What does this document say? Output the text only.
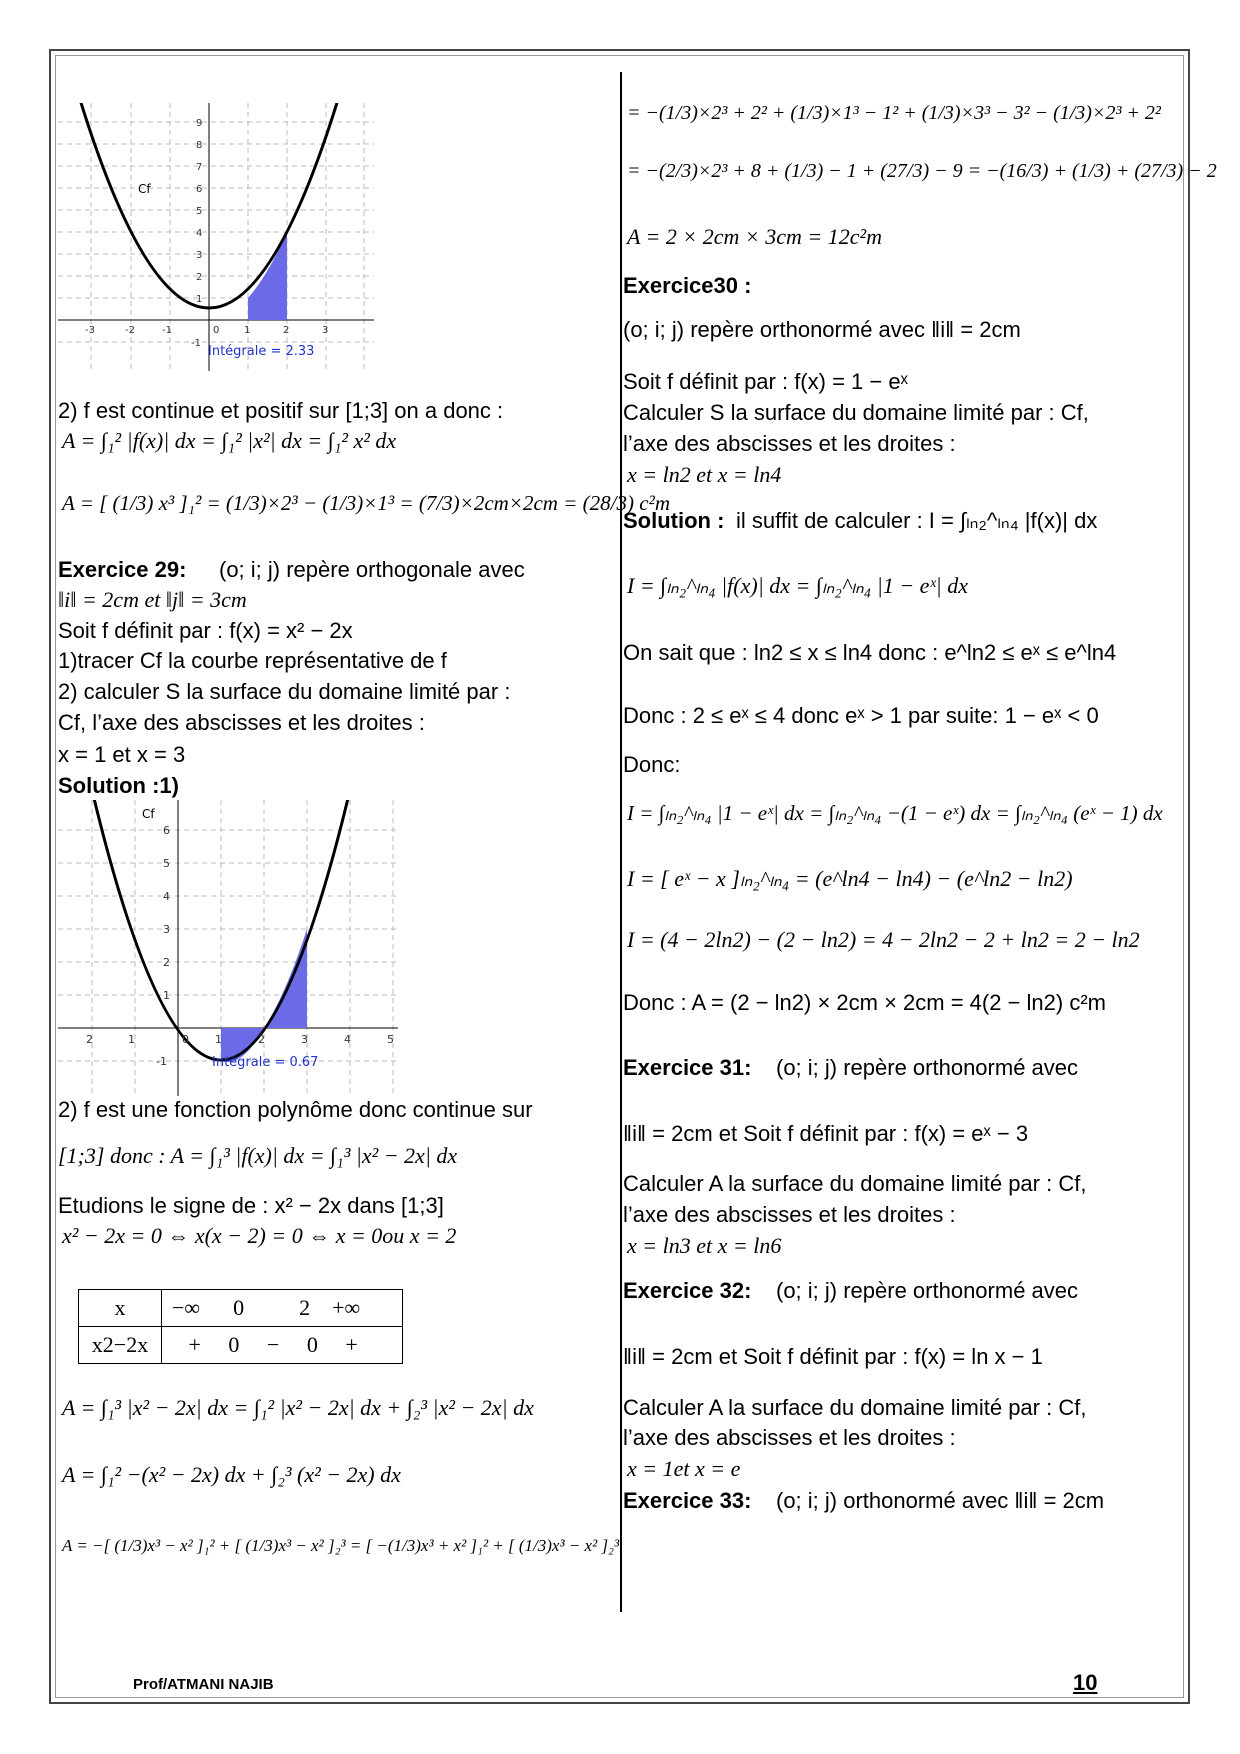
Cf
Intégrale = 2.33
-3	-2	-1	0 1	2	3
9
8
7
6
5
4
3
2
1
-1
2) f est continue et positif sur [1;3] on a donc :
A = ∫₁² |f(x)| dx = ∫₁² |x²| dx = ∫₁² x² dx
A = [ (1/3) x³ ]₁² = (1/3)×2³ − (1/3)×1³ = (7/3)×2cm×2cm = (28/3) c²m
Exercice 29: (o; i; j) repère orthogonale avec
‖i‖ = 2cm et ‖j‖ = 3cm
Soit f définit par : f(x) = x² − 2x
1)tracer Cf la courbe représentative de f
2) calculer S la surface du domaine limité par :
Cf, l’axe des abscisses et les droites :
x = 1 et x = 3
Solution :1)
Cf
Intégrale = 0.67
2	1	0 1	2	3	4	5
6
5
4
3
2
1
-1
2) f est une fonction polynôme donc continue sur
[1;3] donc : A = ∫₁³ |f(x)| dx = ∫₁³ |x² − 2x| dx
Etudions le signe de : x² − 2x dans [1;3]
x² − 2x = 0 ⇔ x(x − 2) = 0 ⇔ x = 0ou x = 2
x	−∞ 0 2 +∞
x2−2x	+ 0 − 0 +
A = ∫₁³ |x² − 2x| dx = ∫₁² |x² − 2x| dx + ∫₂³ |x² − 2x| dx
A = ∫₁² −(x² − 2x) dx + ∫₂³ (x² − 2x) dx
A = −[ (1/3)x³ − x² ]₁² + [ (1/3)x³ − x² ]₂³ = [ −(1/3)x³ + x² ]₁² + [ (1/3)x³ − x² ]₂³
= −(1/3)×2³ + 2² + (1/3)×1³ − 1² + (1/3)×3³ − 3² − (1/3)×2³ + 2²
= −(2/3)×2³ + 8 + (1/3) − 1 + (27/3) − 9 = −(16/3) + (1/3) + (27/3) − 2
A = 2 × 2cm × 3cm = 12c²m
Exercice30 :
(o; i; j) repère orthonormé avec ‖i‖ = 2cm
Soit f définit par : f(x) = 1 − eˣ
Calculer S la surface du domaine limité par : Cf,
l’axe des abscisses et les droites :
x = ln2 et x = ln4
Solution : il suffit de calculer : I = ∫ₗₙ₂^ₗₙ₄ |f(x)| dx
I = ∫ₗₙ₂^ₗₙ₄ |f(x)| dx = ∫ₗₙ₂^ₗₙ₄ |1 − eˣ| dx
On sait que : ln2 ≤ x ≤ ln4 donc : e^ln2 ≤ eˣ ≤ e^ln4
Donc : 2 ≤ eˣ ≤ 4 donc eˣ > 1 par suite: 1 − eˣ < 0
Donc:
I = ∫ₗₙ₂^ₗₙ₄ |1 − eˣ| dx = ∫ₗₙ₂^ₗₙ₄ −(1 − eˣ) dx = ∫ₗₙ₂^ₗₙ₄ (eˣ − 1) dx
I = [ eˣ − x ]ₗₙ₂^ₗₙ₄ = (e^ln4 − ln4) − (e^ln2 − ln2)
I = (4 − 2ln2) − (2 − ln2) = 4 − 2ln2 − 2 + ln2 = 2 − ln2
Donc : A = (2 − ln2) × 2cm × 2cm = 4(2 − ln2) c²m
Exercice 31: (o; i; j) repère orthonormé avec
‖i‖ = 2cm et Soit f définit par : f(x) = eˣ − 3
Calculer A la surface du domaine limité par : Cf,
l’axe des abscisses et les droites :
x = ln3 et x = ln6
Exercice 32: (o; i; j) repère orthonormé avec
‖i‖ = 2cm et Soit f définit par : f(x) = ln x − 1
Calculer A la surface du domaine limité par : Cf,
l’axe des abscisses et les droites :
x = 1et x = e
Exercice 33: (o; i; j) orthonormé avec ‖i‖ = 2cm
Prof/ATMANI NAJIB	10
